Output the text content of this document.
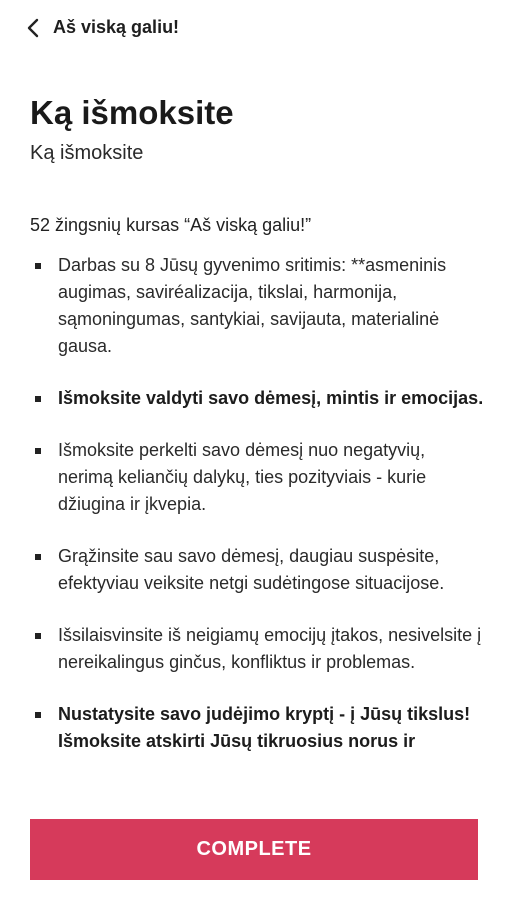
Aš viską galiu!
Ką išmoksite
Ką išmoksite

52 žingsnių kursas “Aš viską galiu!”

Darbas su 8 Jūsų gyvenimo sritimis: **asmeninis augimas, saviréalizacija, tikslai, harmonija, sąmoningumas, santykiai, savijauta, materialinė gausa.
Išmoksite valdyti savo dėmesį, mintis ir emocijas.
Išmoksite perkelti savo dėmesį nuo negatyvių, nerimą keliančių dalykų, ties pozityviais - kurie džiugina ir įkvepia.
Grąžinsite sau savo dėmesį, daugiau suspėsite, efektyviau veiksite netgi sudėtingose situacijose.
Išsilaisvinsite iš neigiamų emocijų įtakos, nesivelsite į nereikalingus ginčus, konfliktus ir problemas.
Nustatysite savo judėjimo kryptį - į Jūsų tikslus! Išmoksite atskirti Jūsų tikruosius norus ir
COMPLETE
